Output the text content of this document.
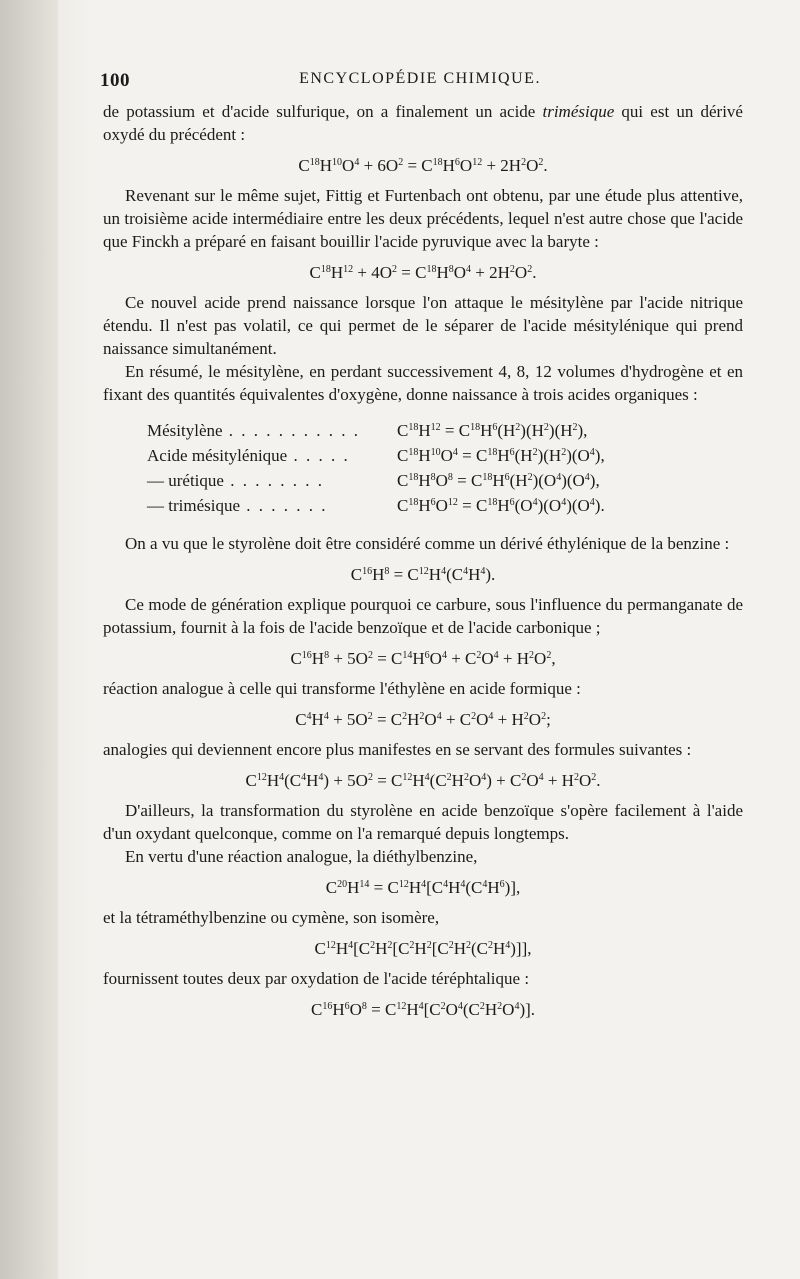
100	ENCYCLOPÉDIE CHIMIQUE.

de potassium et d'acide sulfurique, on a finalement un acide trimésique qui est un dérivé oxydé du précédent :

$C^{18}H^{10}O^4 + 6O^2 = C^{18}H^6O^{12} + 2H^2O^2$.

Revenant sur le même sujet, Fittig et Furtenbach ont obtenu, par une étude plus attentive, un troisième acide intermédiaire entre les deux précédents, lequel n'est autre chose que l'acide que Finckh a préparé en faisant bouillir l'acide pyruvique avec la baryte :

$C^{18}H^{12} + 4O^2 = C^{18}H^8O^4 + 2H^2O^2$.

Ce nouvel acide prend naissance lorsque l'on attaque le mésitylène par l'acide nitrique étendu. Il n'est pas volatil, ce qui permet de le séparer de l'acide mésitylénique qui prend naissance simultanément.

En résumé, le mésitylène, en perdant successivement 4, 8, 12 volumes d'hydrogène et en fixant des quantités équivalentes d'oxygène, donne naissance à trois acides organiques :

Mésitylène . . . . . . . . . . .	$C^{18}H^{12} = C^{18}H^6(H^2)(H^2)(H^2)$,
Acide mésitylénique . . . . .	$C^{18}H^{10}O^4 = C^{18}H^6(H^2)(H^2)(O^4)$,
— urétique . . . . . . . .	$C^{18}H^8O^8 = C^{18}H^6(H^2)(O^4)(O^4)$,
— trimésique . . . . . . .	$C^{18}H^6O^{12} = C^{18}H^6(O^4)(O^4)(O^4)$.

On a vu que le styrolène doit être considéré comme un dérivé éthylénique de la benzine :

$C^{16}H^8 = C^{12}H^4(C^4H^4)$.

Ce mode de génération explique pourquoi ce carbure, sous l'influence du permanganate de potassium, fournit à la fois de l'acide benzoïque et de l'acide carbonique ;

$C^{16}H^8 + 5O^2 = C^{14}H^6O^4 + C^2O^4 + H^2O^2$,

réaction analogue à celle qui transforme l'éthylène en acide formique :

$C^4H^4 + 5O^2 = C^2H^2O^4 + C^2O^4 + H^2O^2$;

analogies qui deviennent encore plus manifestes en se servant des formules suivantes :

$C^{12}H^4(C^4H^4) + 5O^2 = C^{12}H^4(C^2H^2O^4) + C^2O^4 + H^2O^2$.

D'ailleurs, la transformation du styrolène en acide benzoïque s'opère facilement à l'aide d'un oxydant quelconque, comme on l'a remarqué depuis longtemps.

En vertu d'une réaction analogue, la diéthylbenzine,

$C^{20}H^{14} = C^{12}H^4[C^4H^4(C^4H^6)]$,

et la tétraméthylbenzine ou cymène, son isomère,

$C^{12}H^4[C^2H^2[C^2H^2[C^2H^2(C^2H^4)]]$,

fournissent toutes deux par oxydation de l'acide téréphtalique :

$C^{16}H^6O^8 = C^{12}H^4[C^2O^4(C^2H^2O^4)]$.
